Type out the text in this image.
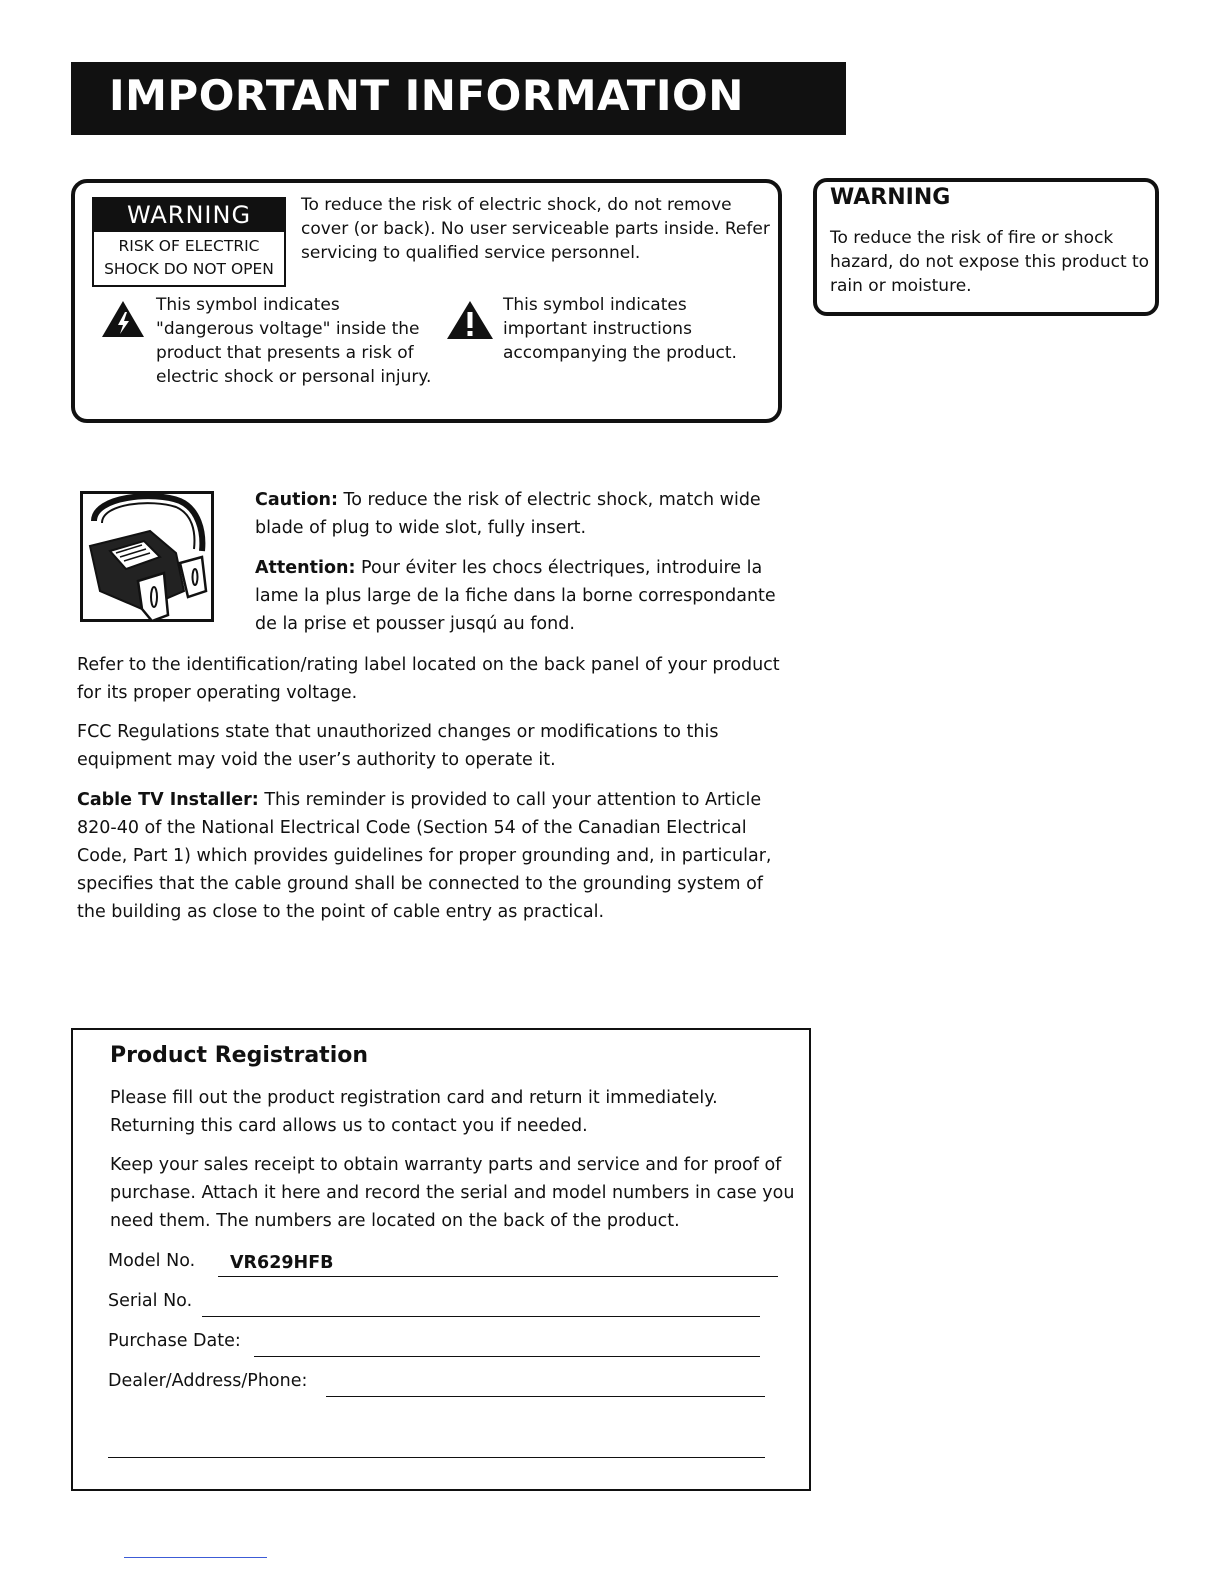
IMPORTANT INFORMATION
WARNING
RISK OF ELECTRIC
SHOCK DO NOT OPEN
To reduce the risk of electric shock, do not remove cover (or back). No user serviceable parts inside. Refer servicing to qualified service personnel.
This symbol indicates "dangerous voltage" inside the product that presents a risk of electric shock or personal injury.
This symbol indicates important instructions accompanying the product.
WARNING

To reduce the risk of fire or shock hazard, do not expose this product to rain or moisture.

Caution: To reduce the risk of electric shock, match wide blade of plug to wide slot, fully insert.
Attention: Pour éviter les chocs électriques, introduire la lame la plus large de la fiche dans la borne correspondante de la prise et pousser jusqú au fond.
Refer to the identification/rating label located on the back panel of your product for its proper operating voltage.
FCC Regulations state that unauthorized changes or modifications to this equipment may void the user’s authority to operate it.
Cable TV Installer: This reminder is provided to call your attention to Article 820-40 of the National Electrical Code (Section 54 of the Canadian Electrical Code, Part 1) which provides guidelines for proper grounding and, in particular, specifies that the cable ground shall be connected to the grounding system of the building as close to the point of cable entry as practical.
Product Registration
Please fill out the product registration card and return it immediately. Returning this card allows us to contact you if needed.
Keep your sales receipt to obtain warranty parts and service and for proof of purchase. Attach it here and record the serial and model numbers in case you need them. The numbers are located on the back of the product.
Model No. VR629HFB
Serial No.
Purchase Date:
Dealer/Address/Phone:
